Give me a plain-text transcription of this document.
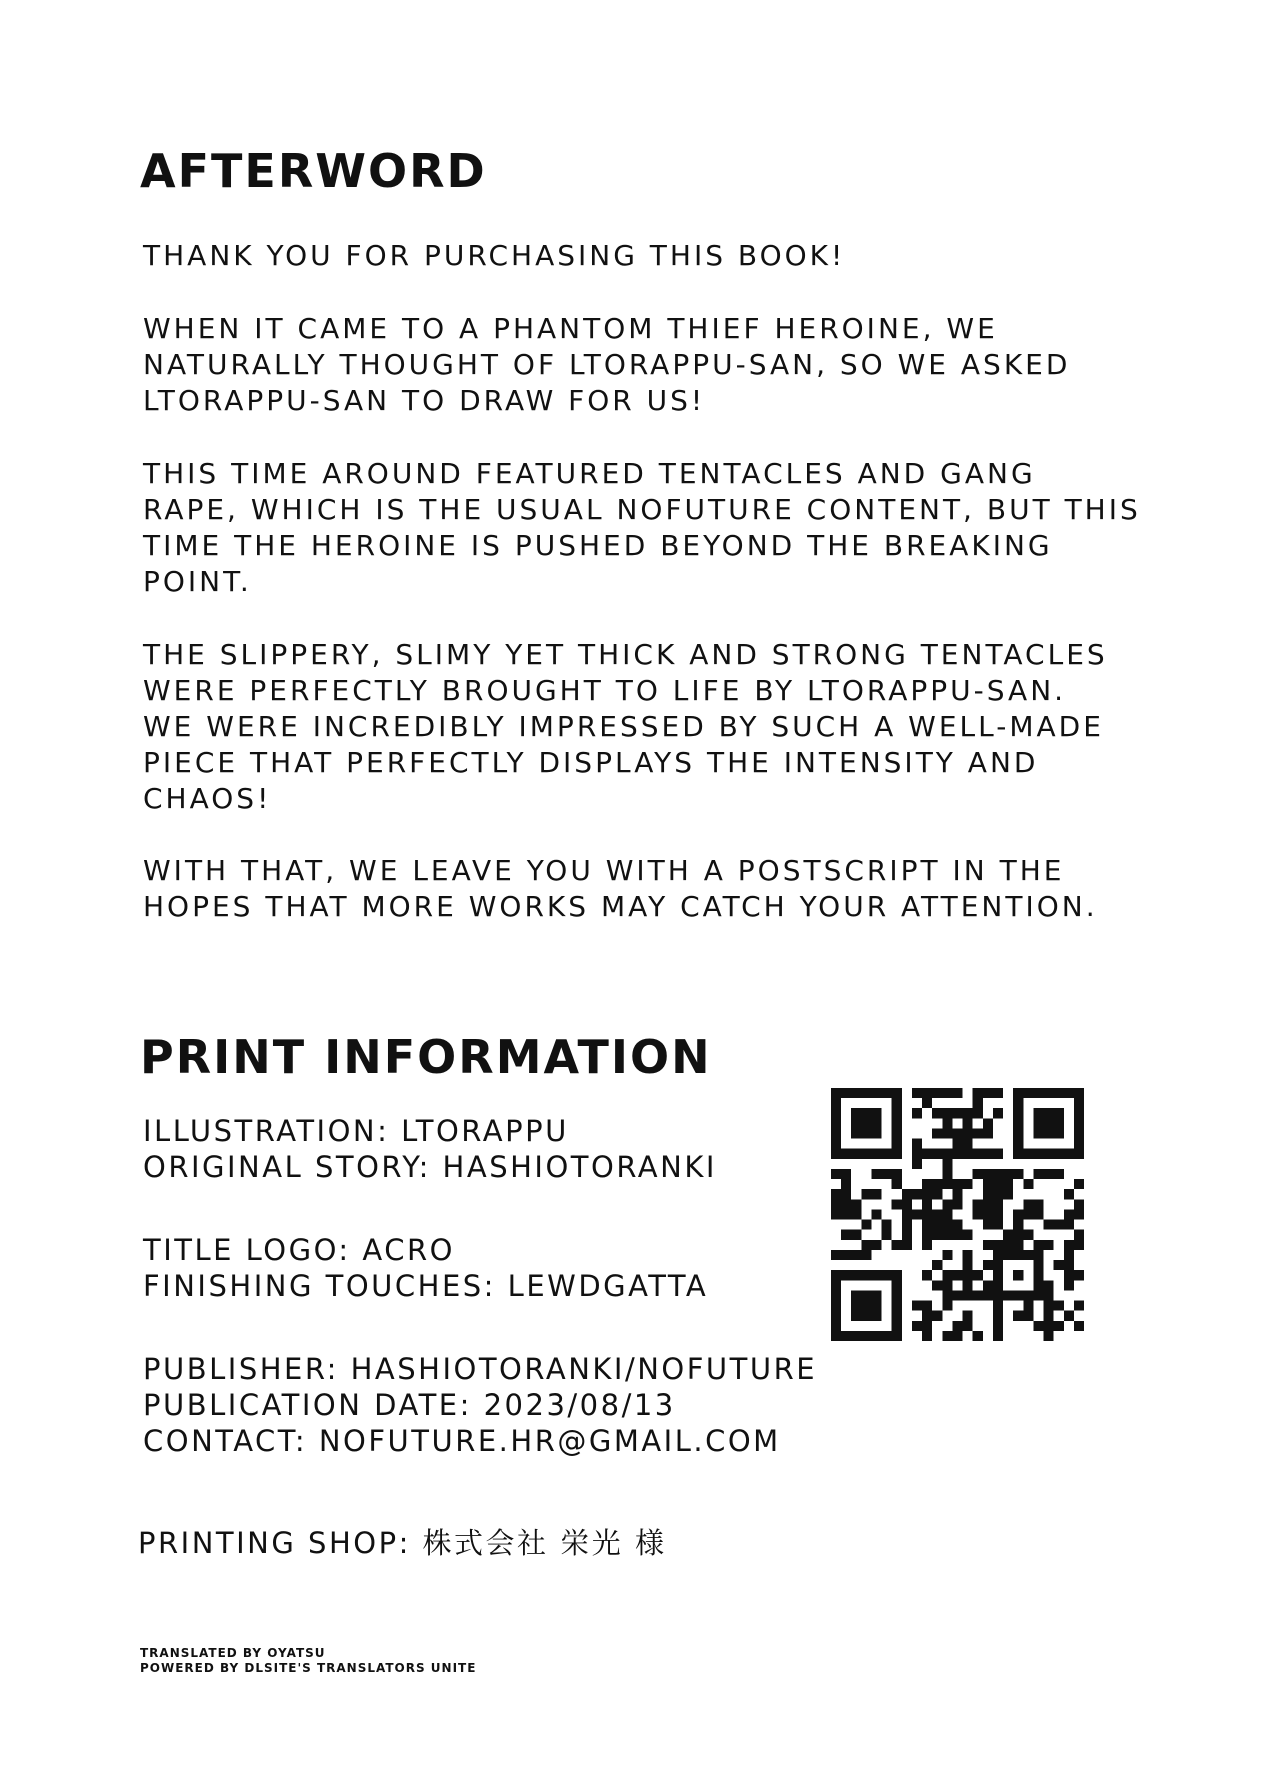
AFTERWORD

THANK YOU FOR PURCHASING THIS BOOK!

WHEN IT CAME TO A PHANTOM THIEF HEROINE, WE
NATURALLY THOUGHT OF LTORAPPU-SAN, SO WE ASKED
LTORAPPU-SAN TO DRAW FOR US!

THIS TIME AROUND FEATURED TENTACLES AND GANG
RAPE, WHICH IS THE USUAL NOFUTURE CONTENT, BUT THIS
TIME THE HEROINE IS PUSHED BEYOND THE BREAKING
POINT.

THE SLIPPERY, SLIMY YET THICK AND STRONG TENTACLES
WERE PERFECTLY BROUGHT TO LIFE BY LTORAPPU-SAN.
WE WERE INCREDIBLY IMPRESSED BY SUCH A WELL-MADE
PIECE THAT PERFECTLY DISPLAYS THE INTENSITY AND
CHAOS!

WITH THAT, WE LEAVE YOU WITH A POSTSCRIPT IN THE
HOPES THAT MORE WORKS MAY CATCH YOUR ATTENTION.

PRINT INFORMATION
ILLUSTRATION: LTORAPPU
ORIGINAL STORY: HASHIOTORANKI
TITLE LOGO: ACRO
FINISHING TOUCHES: LEWDGATTA
PUBLISHER: HASHIOTORANKI/NOFUTURE
PUBLICATION DATE: 2023/08/13
CONTACT: NOFUTURE.HR@GMAIL.COM

PRINTING SHOP: 株式会社 栄光 様

TRANSLATED BY OYATSU
POWERED BY DLSITE'S TRANSLATORS UNITE
